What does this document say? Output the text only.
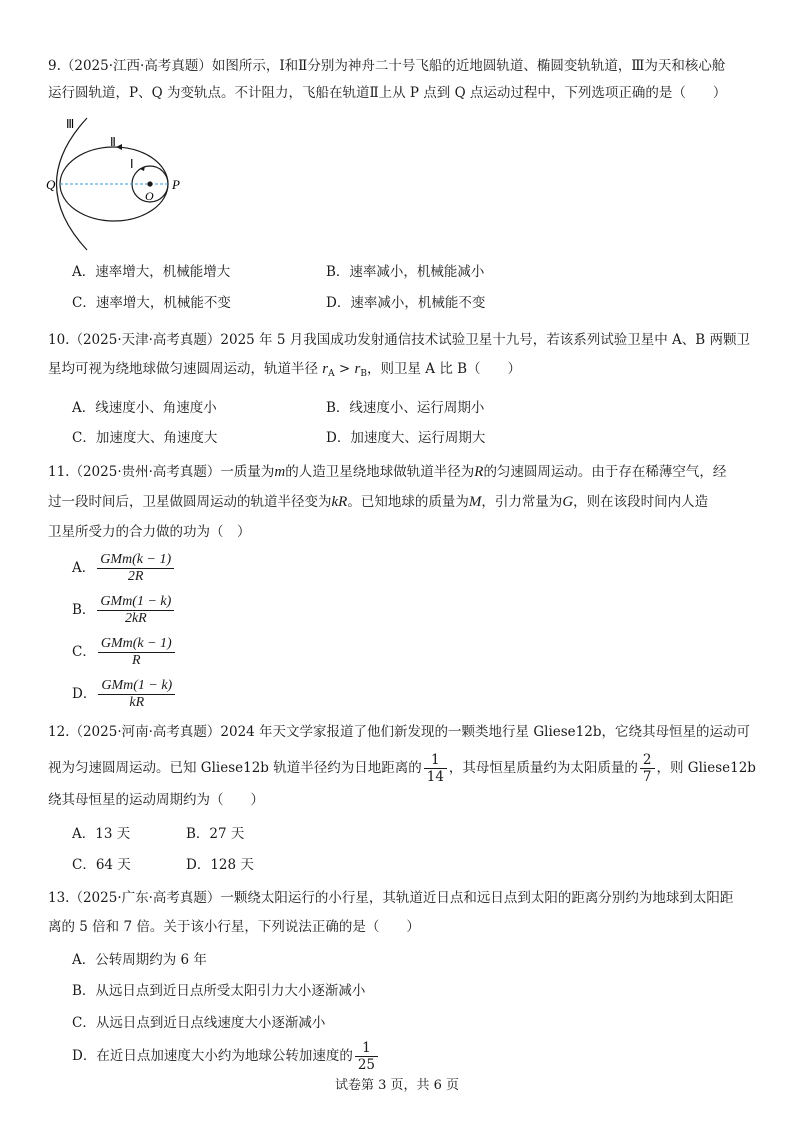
9.（2025·江西·高考真题）如图所示，Ⅰ和Ⅱ分别为神舟二十号飞船的近地圆轨道、椭圆变轨轨道，Ⅲ为天和核心舱
运行圆轨道，P、Q 为变轨点。不计阻力，飞船在轨道Ⅱ上从 P 点到 Q 点运动过程中，下列选项正确的是（　　）
Ⅲ
Ⅱ
Ⅰ
O
P
Q
A．速率增大，机械能增大	B．速率减小，机械能减小
C．速率增大，机械能不变	D．速率减小，机械能不变
10.（2025·天津·高考真题）2025 年 5 月我国成功发射通信技术试验卫星十九号，若该系列试验卫星中 A、B 两颗卫
星均可视为绕地球做匀速圆周运动，轨道半径 $r_A > r_B$，则卫星 A 比 B（　　）
A．线速度小、角速度小	B．线速度小、运行周期小
C．加速度大、角速度大	D．加速度大、运行周期大
11.（2025·贵州·高考真题）一质量为m的人造卫星绕地球做轨道半径为R的匀速圆周运动。由于存在稀薄空气，经
过一段时间后，卫星做圆周运动的轨道半径变为kR。已知地球的质量为M，引力常量为G，则在该段时间内人造
卫星所受力的合力做的功为（　）
A． $\frac{\text{GMm(k − 1)}}{2R}$
B． $\frac{\text{GMm(1 − k)}}{2kR}$
C． $\frac{\text{GMm(k − 1)}}{R}$
D． $\frac{\text{GMm(1 − k)}}{kR}$
12.（2025·河南·高考真题）2024 年天文学家报道了他们新发现的一颗类地行星 Gliese12b，它绕其母恒星的运动可
视为匀速圆周运动。已知 Gliese12b 轨道半径约为日地距离的 $\frac{1}{14}$ ，其母恒星质量约为太阳质量的 $\frac{2}{7}$ ，则 Gliese12b
绕其母恒星的运动周期约为（　　）
A．13 天	B．27 天
C．64 天	D．128 天
13.（2025·广东·高考真题）一颗绕太阳运行的小行星，其轨道近日点和远日点到太阳的距离分别约为地球到太阳距
离的 5 倍和 7 倍。关于该小行星，下列说法正确的是（　　）
A．公转周期约为 6 年
B．从远日点到近日点所受太阳引力大小逐渐减小
C．从远日点到近日点线速度大小逐渐减小
D．在近日点加速度大小约为地球公转加速度的 $\frac{1}{25}$
试卷第 3 页，共 6 页
